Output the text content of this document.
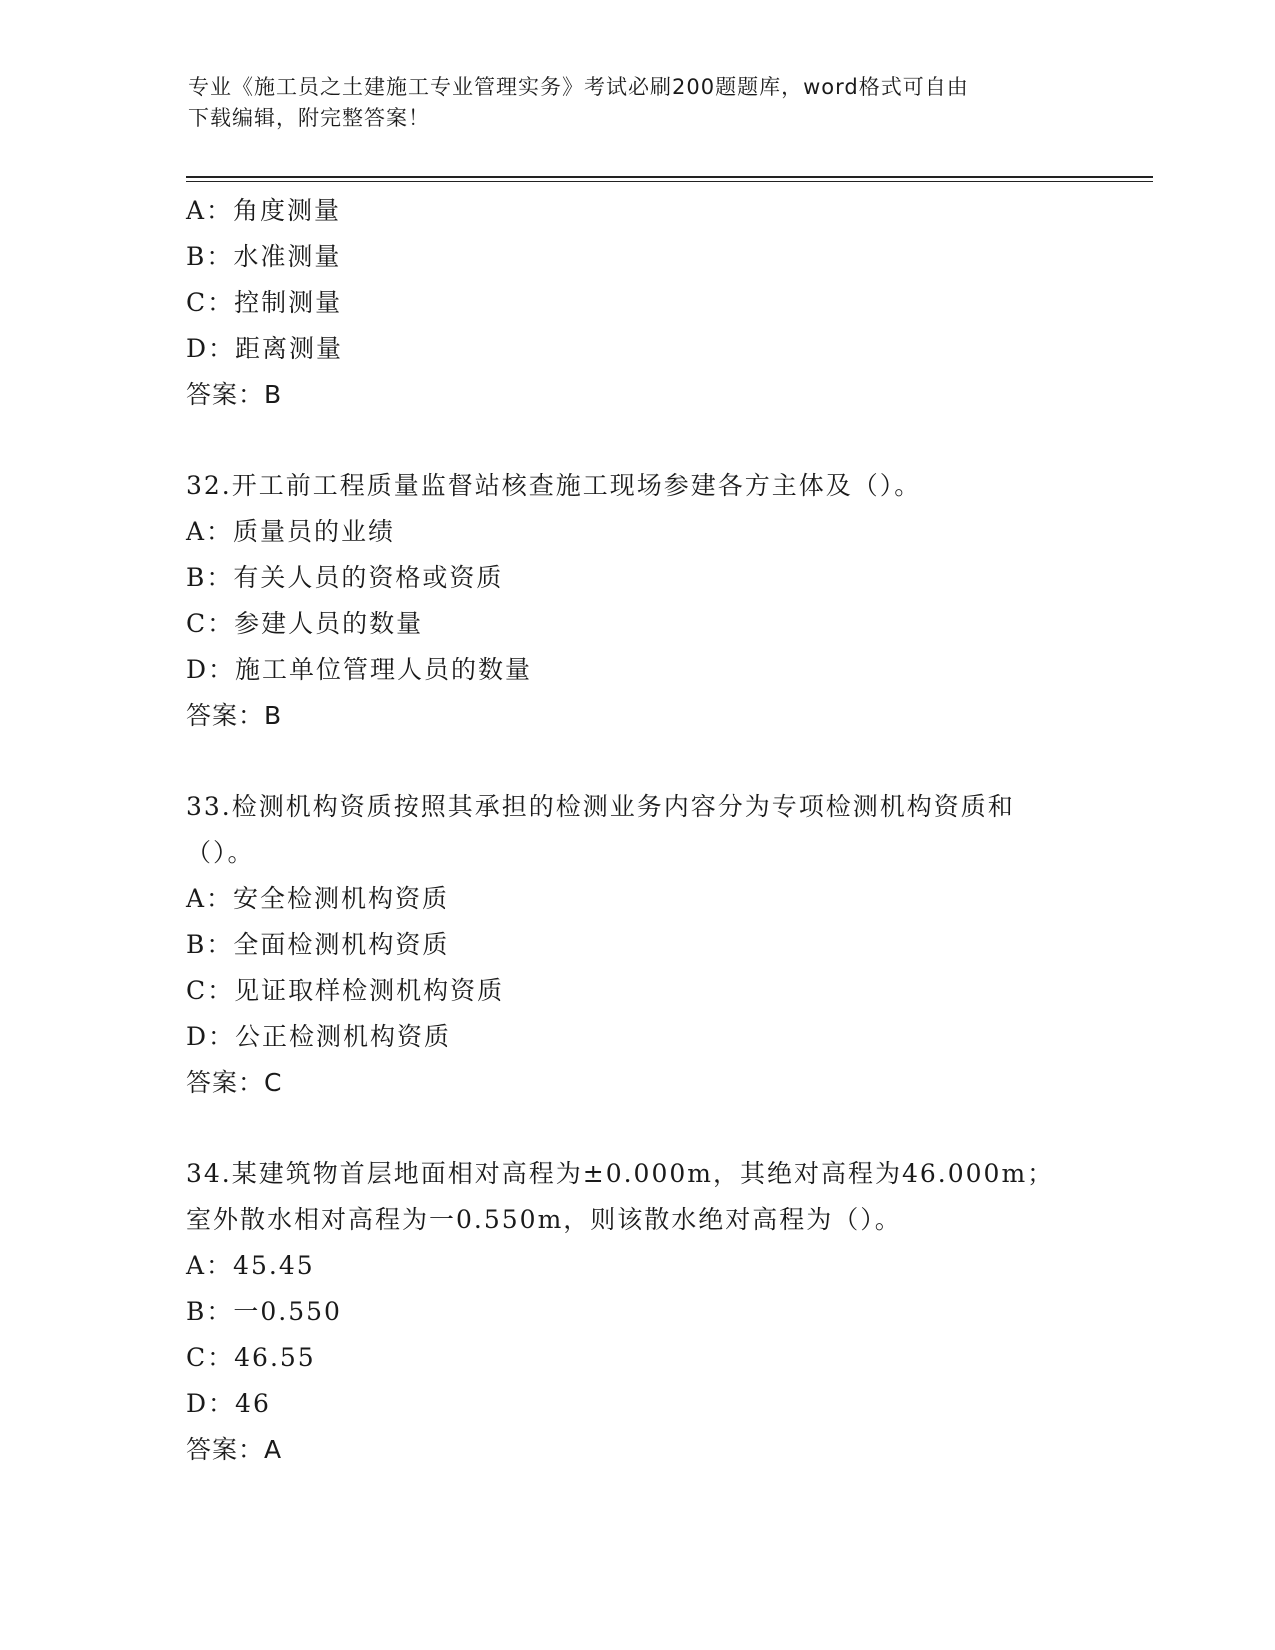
专业《施工员之土建施工专业管理实务》考试必刷200题题库，word格式可自由
下载编辑，附完整答案！
A：角度测量
B：水准测量
C：控制测量
D：距离测量
答案：B
32.开工前工程质量监督站核查施工现场参建各方主体及（）。
A：质量员的业绩
B：有关人员的资格或资质
C：参建人员的数量
D：施工单位管理人员的数量
答案：B
33.检测机构资质按照其承担的检测业务内容分为专项检测机构资质和
（）。
A：安全检测机构资质
B：全面检测机构资质
C：见证取样检测机构资质
D：公正检测机构资质
答案：C
34.某建筑物首层地面相对高程为±0.000m，其绝对高程为46.000m；
室外散水相对高程为一0.550m，则该散水绝对高程为（）。
A：45.45
B：一0.550
C：46.55
D：46
答案：A
